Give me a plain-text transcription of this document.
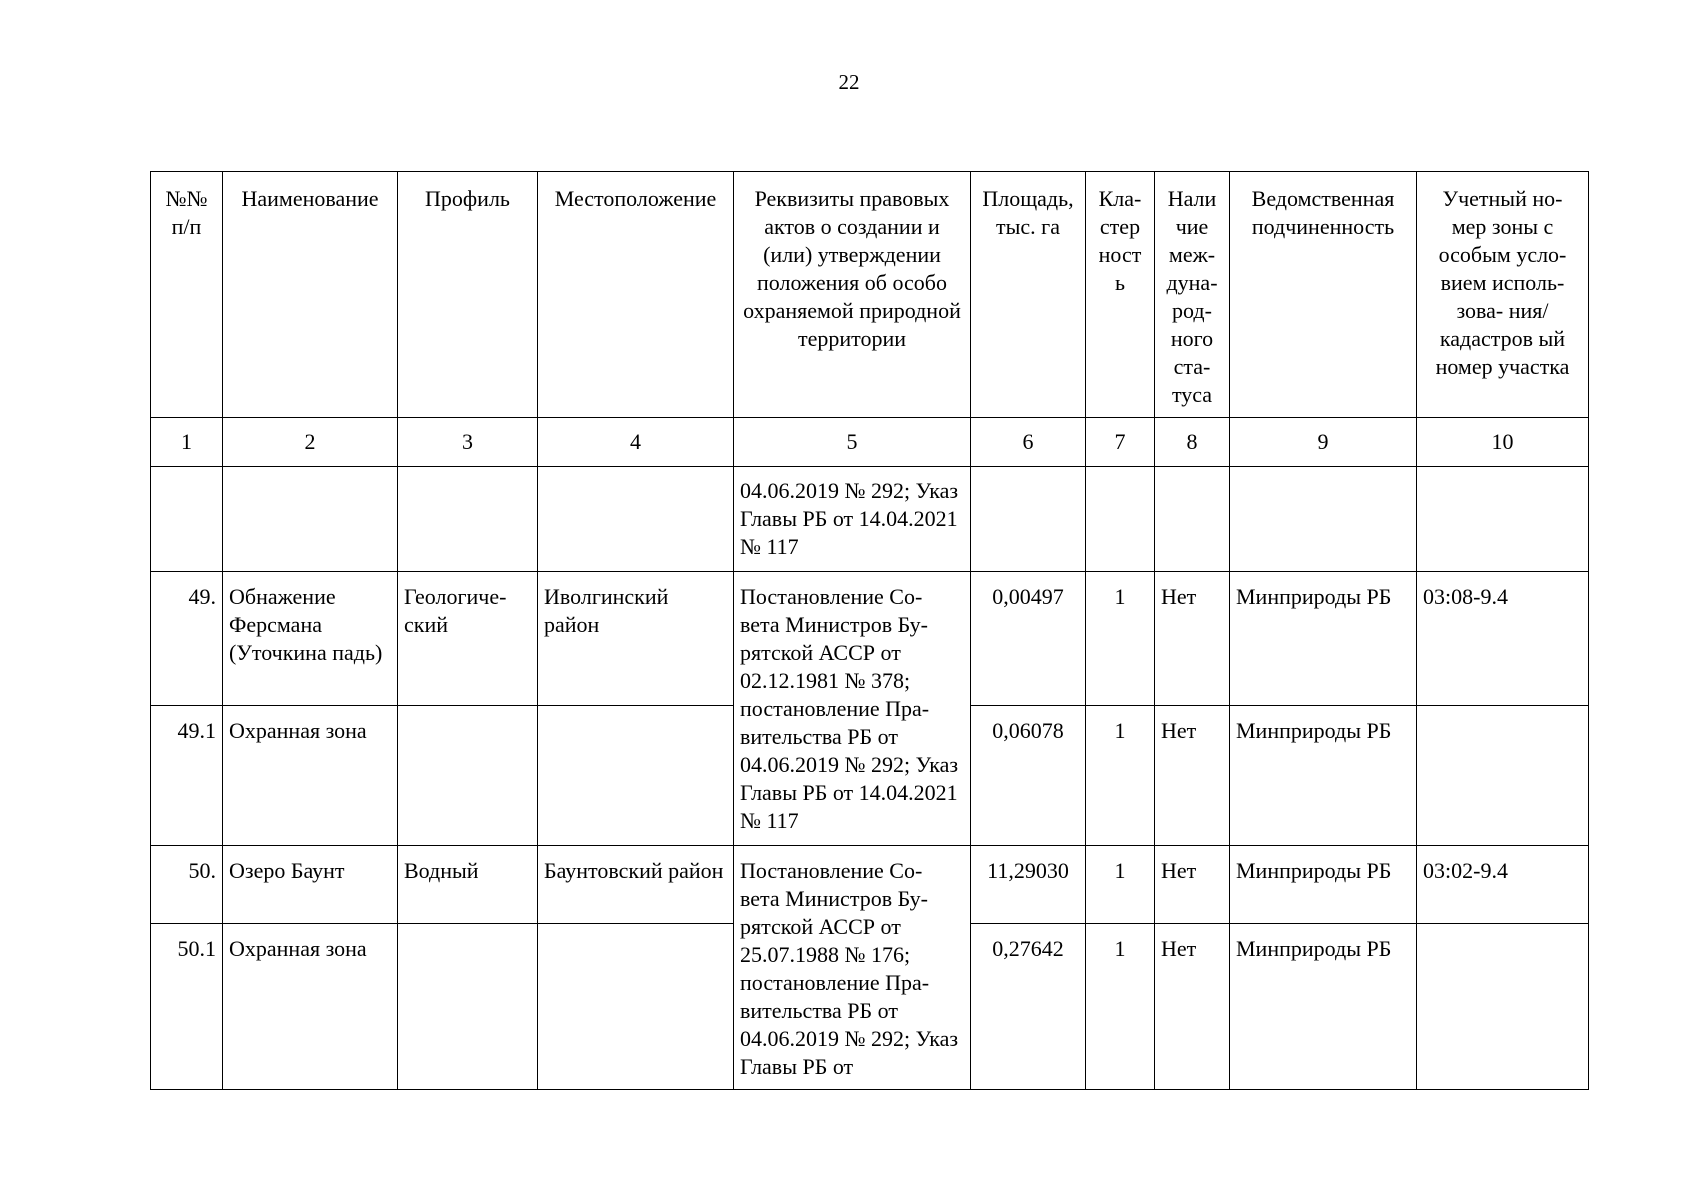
22
№№ п/п	Наименование	Профиль	Местоположение	Реквизиты правовых актов о создании и (или) утверждении положения об особо охраняемой природной территории	Площадь, тыс. га	Кла- стер ност ь	Нали чие меж- дуна- род- ного ста- туса	Ведомственная подчиненность	Учетный но- мер зоны с особым усло- вием исполь- зова- ния/кадастров ый номер участка
1	2	3	4	5	6	7	8	9	10
				04.06.2019 № 292; Указ Главы РБ от 14.04.2021 № 117					
49.	Обнажение Ферсмана (Уточкина падь)	Геологиче- ский	Иволгинский район	Постановление Со- вета Министров Бу- рятской АССР от 02.12.1981 № 378; постановление Пра- вительства РБ от 04.06.2019 № 292; Указ Главы РБ от 14.04.2021 № 117	0,00497	1	Нет	Минприроды РБ	03:08-9.4
49.1	Охранная зона				0,06078	1	Нет	Минприроды РБ	
50.	Озеро Баунт	Водный	Баунтовский район	Постановление Со- вета Министров Бу- рятской АССР от 25.07.1988 № 176; постановление Пра- вительства РБ от 04.06.2019 № 292; Указ Главы РБ от	11,29030	1	Нет	Минприроды РБ	03:02-9.4
50.1	Охранная зона				0,27642	1	Нет	Минприроды РБ	
